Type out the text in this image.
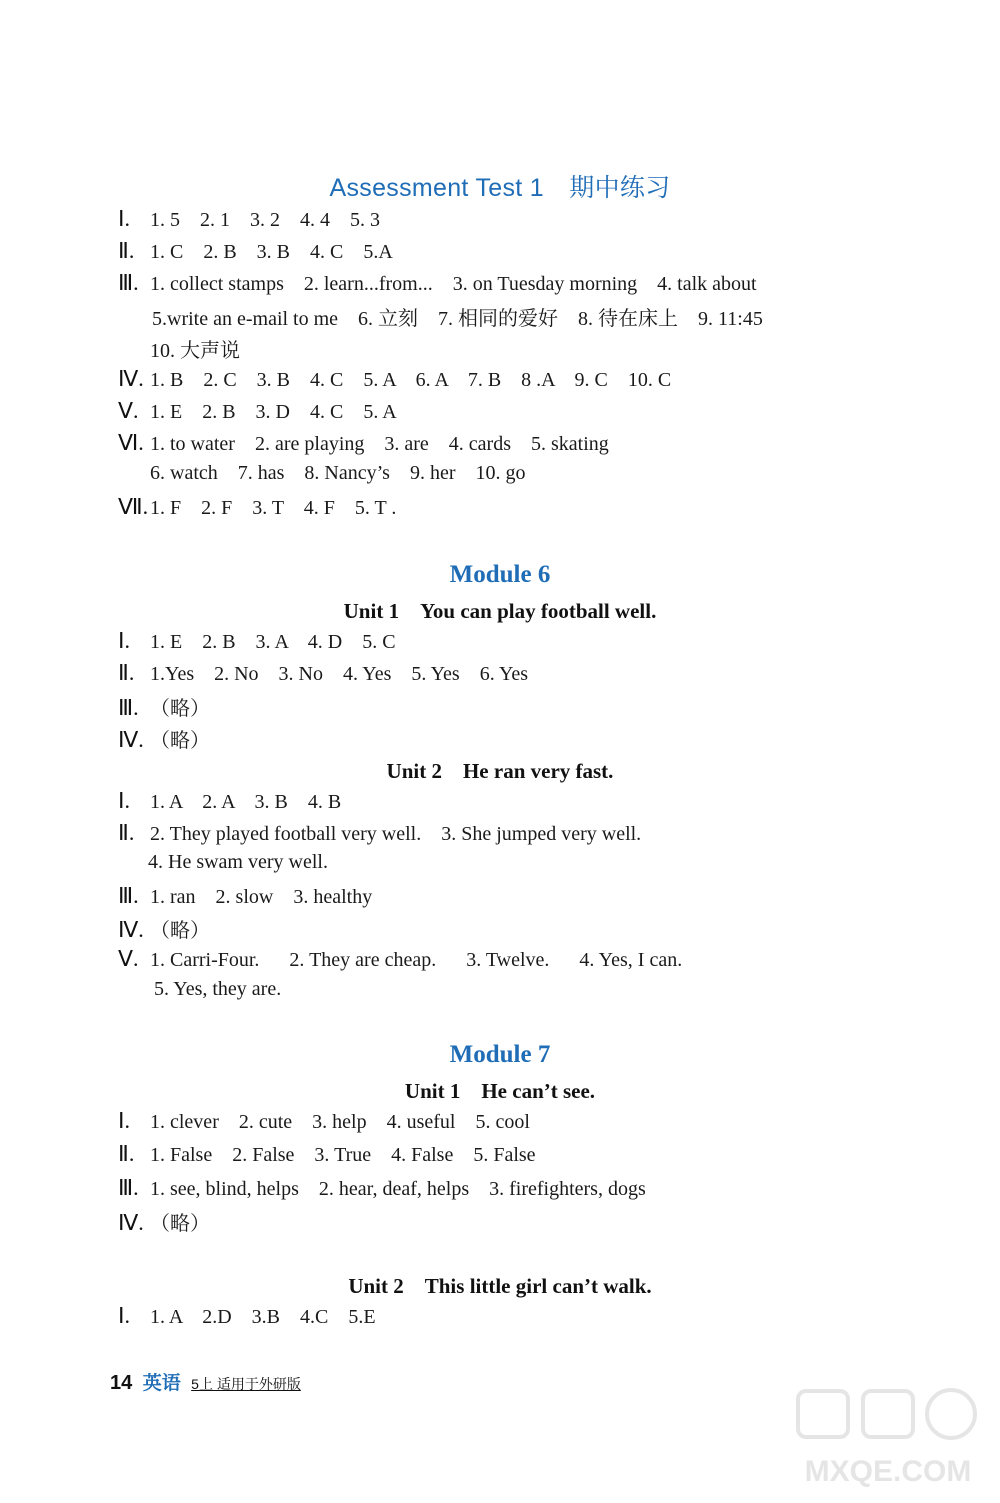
Assessment Test 1　期中练习
Ⅰ. 1. 5    2. 1    3. 2    4. 4    5. 3
Ⅱ. 1. C    2. B    3. B    4. C    5.A
Ⅲ. 1. collect stamps    2. learn...from...    3. on Tuesday morning    4. talk about
5.write an e-mail to me    6. 立刻    7. 相同的爱好    8. 待在床上    9. 11:45
10. 大声说
Ⅳ. 1. B    2. C    3. B    4. C    5. A    6. A    7. B    8 .A    9. C    10. C
Ⅴ. 1. E    2. B    3. D    4. C    5. A
Ⅵ. 1. to water    2. are playing    3. are    4. cards    5. skating
6. watch    7. has    8. Nancy’s    9. her    10. go
Ⅶ.1. F    2. F    3. T    4. F    5. T .
Module 6
Unit 1　You can play football well.
Ⅰ. 1. E    2. B    3. A    4. D    5. C
Ⅱ. 1.Yes    2. No    3. No    4. Yes    5. Yes    6. Yes
Ⅲ. （略）
Ⅳ. （略）
Unit 2　He ran very fast.
Ⅰ. 1. A    2. A    3. B    4. B
Ⅱ. 2. They played football very well.    3. She jumped very well.
4. He swam very well.
Ⅲ. 1. ran    2. slow    3. healthy
Ⅳ. （略）
Ⅴ. 1. Carri-Four.      2. They are cheap.      3. Twelve.      4. Yes, I can.
5. Yes, they are.
Module 7
Unit 1　He can’t see.
Ⅰ. 1. clever    2. cute    3. help    4. useful    5. cool
Ⅱ. 1. False    2. False    3. True    4. False    5. False
Ⅲ. 1. see, blind, helps    2. hear, deaf, helps    3. firefighters, dogs
Ⅳ. （略）
Unit 2　This little girl can’t walk.
Ⅰ. 1. A    2.D    3.B    4.C    5.E
14 英语 5上 适用于外研版
MXQE.COM
